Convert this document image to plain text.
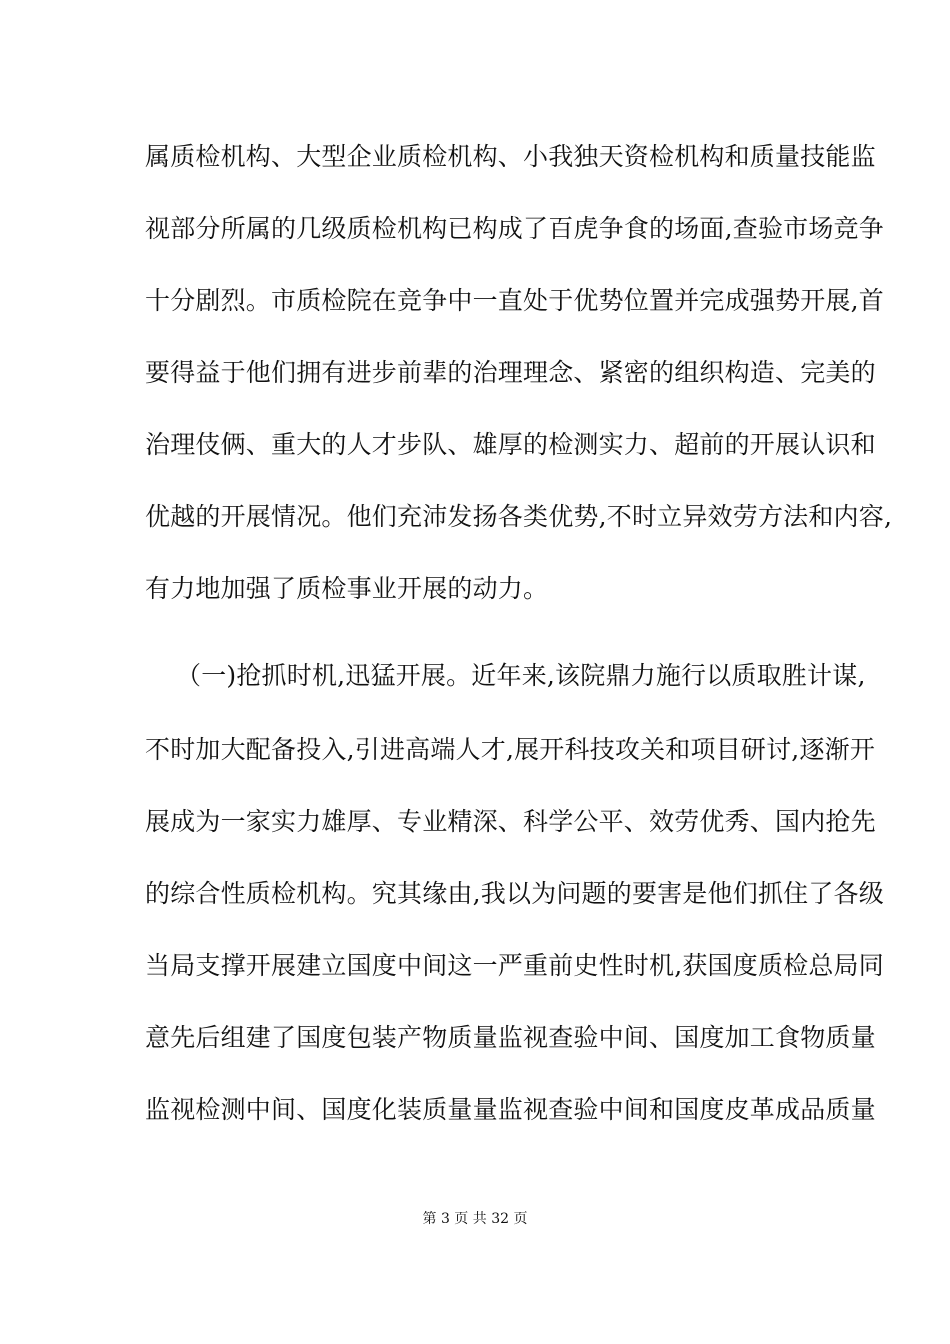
属质检机构、大型企业质检机构、小我独天资检机构和质量技能监
视部分所属的几级质检机构已构成了百虎争食的场面,查验市场竞争
十分剧烈。市质检院在竞争中一直处于优势位置并完成强势开展,首
要得益于他们拥有进步前辈的治理理念、紧密的组织构造、完美的
治理伎俩、重大的人才步队、雄厚的检测实力、超前的开展认识和
优越的开展情况。他们充沛发扬各类优势,不时立异效劳方法和内容,
有力地加强了质检事业开展的动力。
（一)抢抓时机,迅猛开展。近年来,该院鼎力施行以质取胜计谋,
不时加大配备投入,引进高端人才,展开科技攻关和项目研讨,逐渐开
展成为一家实力雄厚、专业精深、科学公平、效劳优秀、国内抢先
的综合性质检机构。究其缘由,我以为问题的要害是他们抓住了各级
当局支撑开展建立国度中间这一严重前史性时机,获国度质检总局同
意先后组建了国度包装产物质量监视查验中间、国度加工食物质量
监视检测中间、国度化装质量量监视查验中间和国度皮革成品质量
第 3 页 共 32 页
